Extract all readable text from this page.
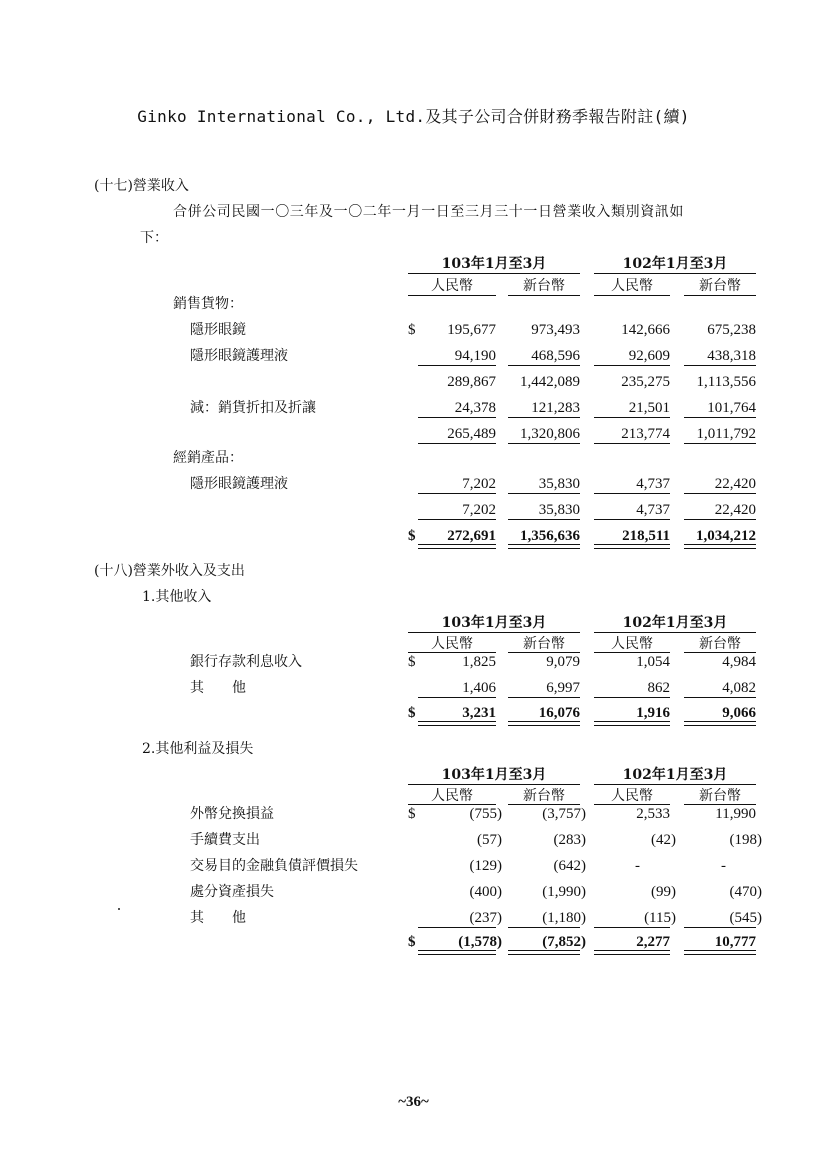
Ginko International Co., Ltd.及其子公司合併財務季報告附註(續)
(十七)營業收入
合併公司民國一〇三年及一〇二年一月一日至三月三十一日營業收入類別資訊如
下：
103年1月至3月	102年1月至3月
人民幣	新台幣	人民幣	新台幣
銷售貨物：
隱形眼鏡	$	195,677	973,493	142,666	675,238
隱形眼鏡護理液	94,190	468,596	92,609	438,318
289,867	1,442,089	235,275	1,113,556
減：銷貨折扣及折讓	24,378	121,283	21,501	101,764
265,489	1,320,806	213,774	1,011,792
經銷產品：
隱形眼鏡護理液	7,202	35,830	4,737	22,420
7,202	35,830	4,737	22,420
$	272,691	1,356,636	218,511	1,034,212
(十八)營業外收入及支出
1.其他收入
103年1月至3月	102年1月至3月
人民幣	新台幣	人民幣	新台幣
銀行存款利息收入	$	1,825	9,079	1,054	4,984
其　　他	1,406	6,997	862	4,082
$	3,231	16,076	1,916	9,066
2.其他利益及損失
103年1月至3月	102年1月至3月
人民幣	新台幣	人民幣	新台幣
外幣兌換損益	$	(755)	(3,757)	2,533	11,990
手續費支出	(57)	(283)	(42)	(198)
交易目的金融負債評價損失	(129)	(642)	-	-
處分資產損失	(400)	(1,990)	(99)	(470)
其　　他	(237)	(1,180)	(115)	(545)
$	(1,578)	(7,852)	2,277	10,777
~36~
